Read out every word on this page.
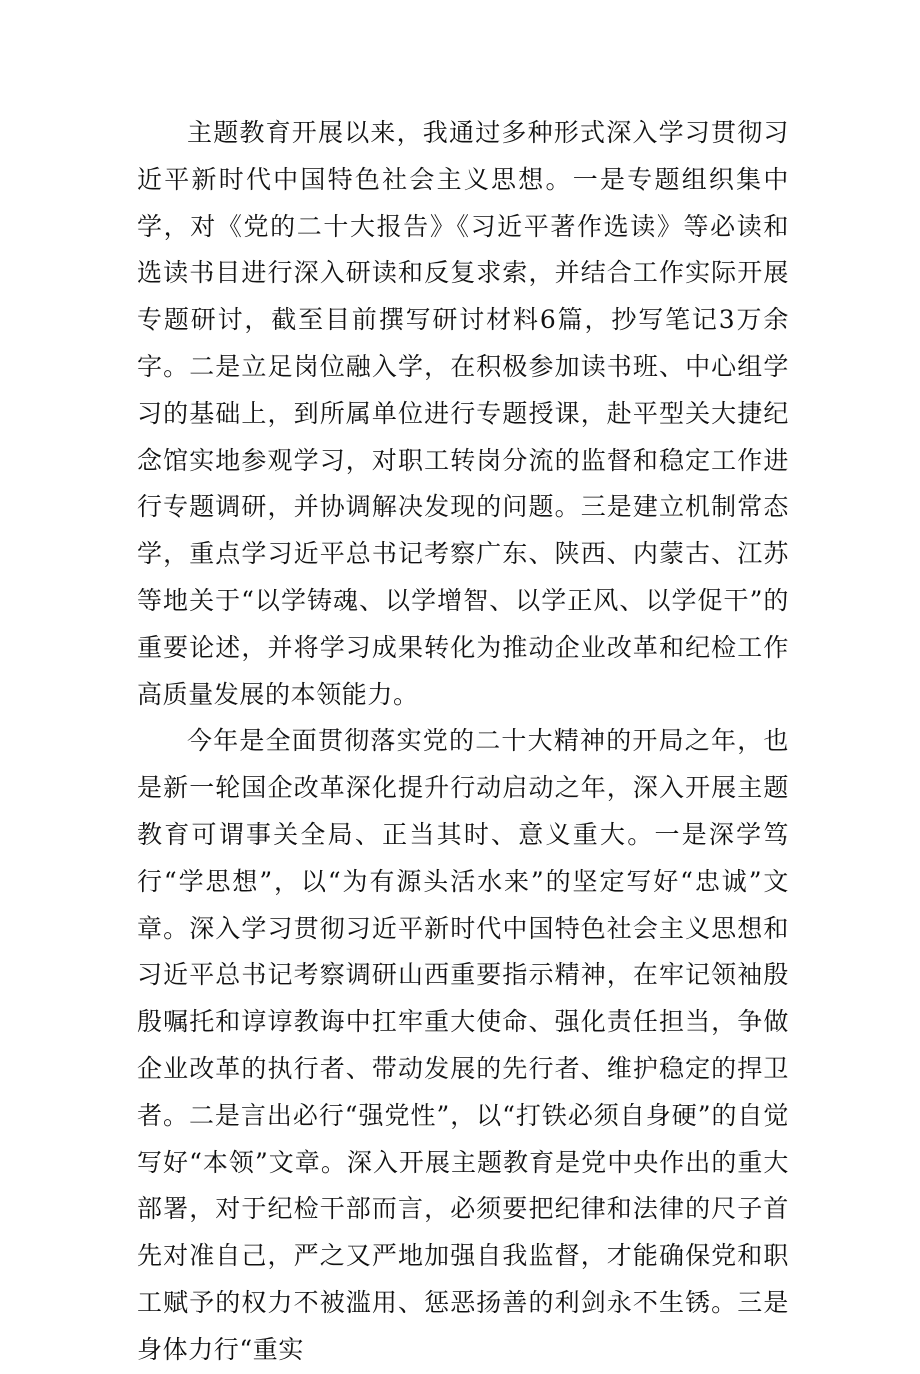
主题教育开展以来，我通过多种形式深入学习贯彻习近平新时代中国特色社会主义思想。一是专题组织集中学，对《党的二十大报告》《习近平著作选读》等必读和选读书目进行深入研读和反复求索，并结合工作实际开展专题研讨，截至目前撰写研讨材料6篇，抄写笔记3万余字。二是立足岗位融入学，在积极参加读书班、中心组学习的基础上，到所属单位进行专题授课，赴平型关大捷纪念馆实地参观学习，对职工转岗分流的监督和稳定工作进行专题调研，并协调解决发现的问题。三是建立机制常态学，重点学习近平总书记考察广东、陕西、内蒙古、江苏等地关于“以学铸魂、以学增智、以学正风、以学促干”的重要论述，并将学习成果转化为推动企业改革和纪检工作高质量发展的本领能力。

今年是全面贯彻落实党的二十大精神的开局之年，也是新一轮国企改革深化提升行动启动之年，深入开展主题教育可谓事关全局、正当其时、意义重大。一是深学笃行“学思想”，以“为有源头活水来”的坚定写好“忠诚”文章。深入学习贯彻习近平新时代中国特色社会主义思想和习近平总书记考察调研山西重要指示精神，在牢记领袖殷殷嘱托和谆谆教诲中扛牢重大使命、强化责任担当，争做企业改革的执行者、带动发展的先行者、维护稳定的捍卫者。二是言出必行“强党性”，以“打铁必须自身硬”的自觉写好“本领”文章。深入开展主题教育是党中央作出的重大部署，对于纪检干部而言，必须要把纪律和法律的尺子首先对准自己，严之又严地加强自我监督，才能确保党和职工赋予的权力不被滥用、惩恶扬善的利剑永不生锈。三是身体力行“重实
